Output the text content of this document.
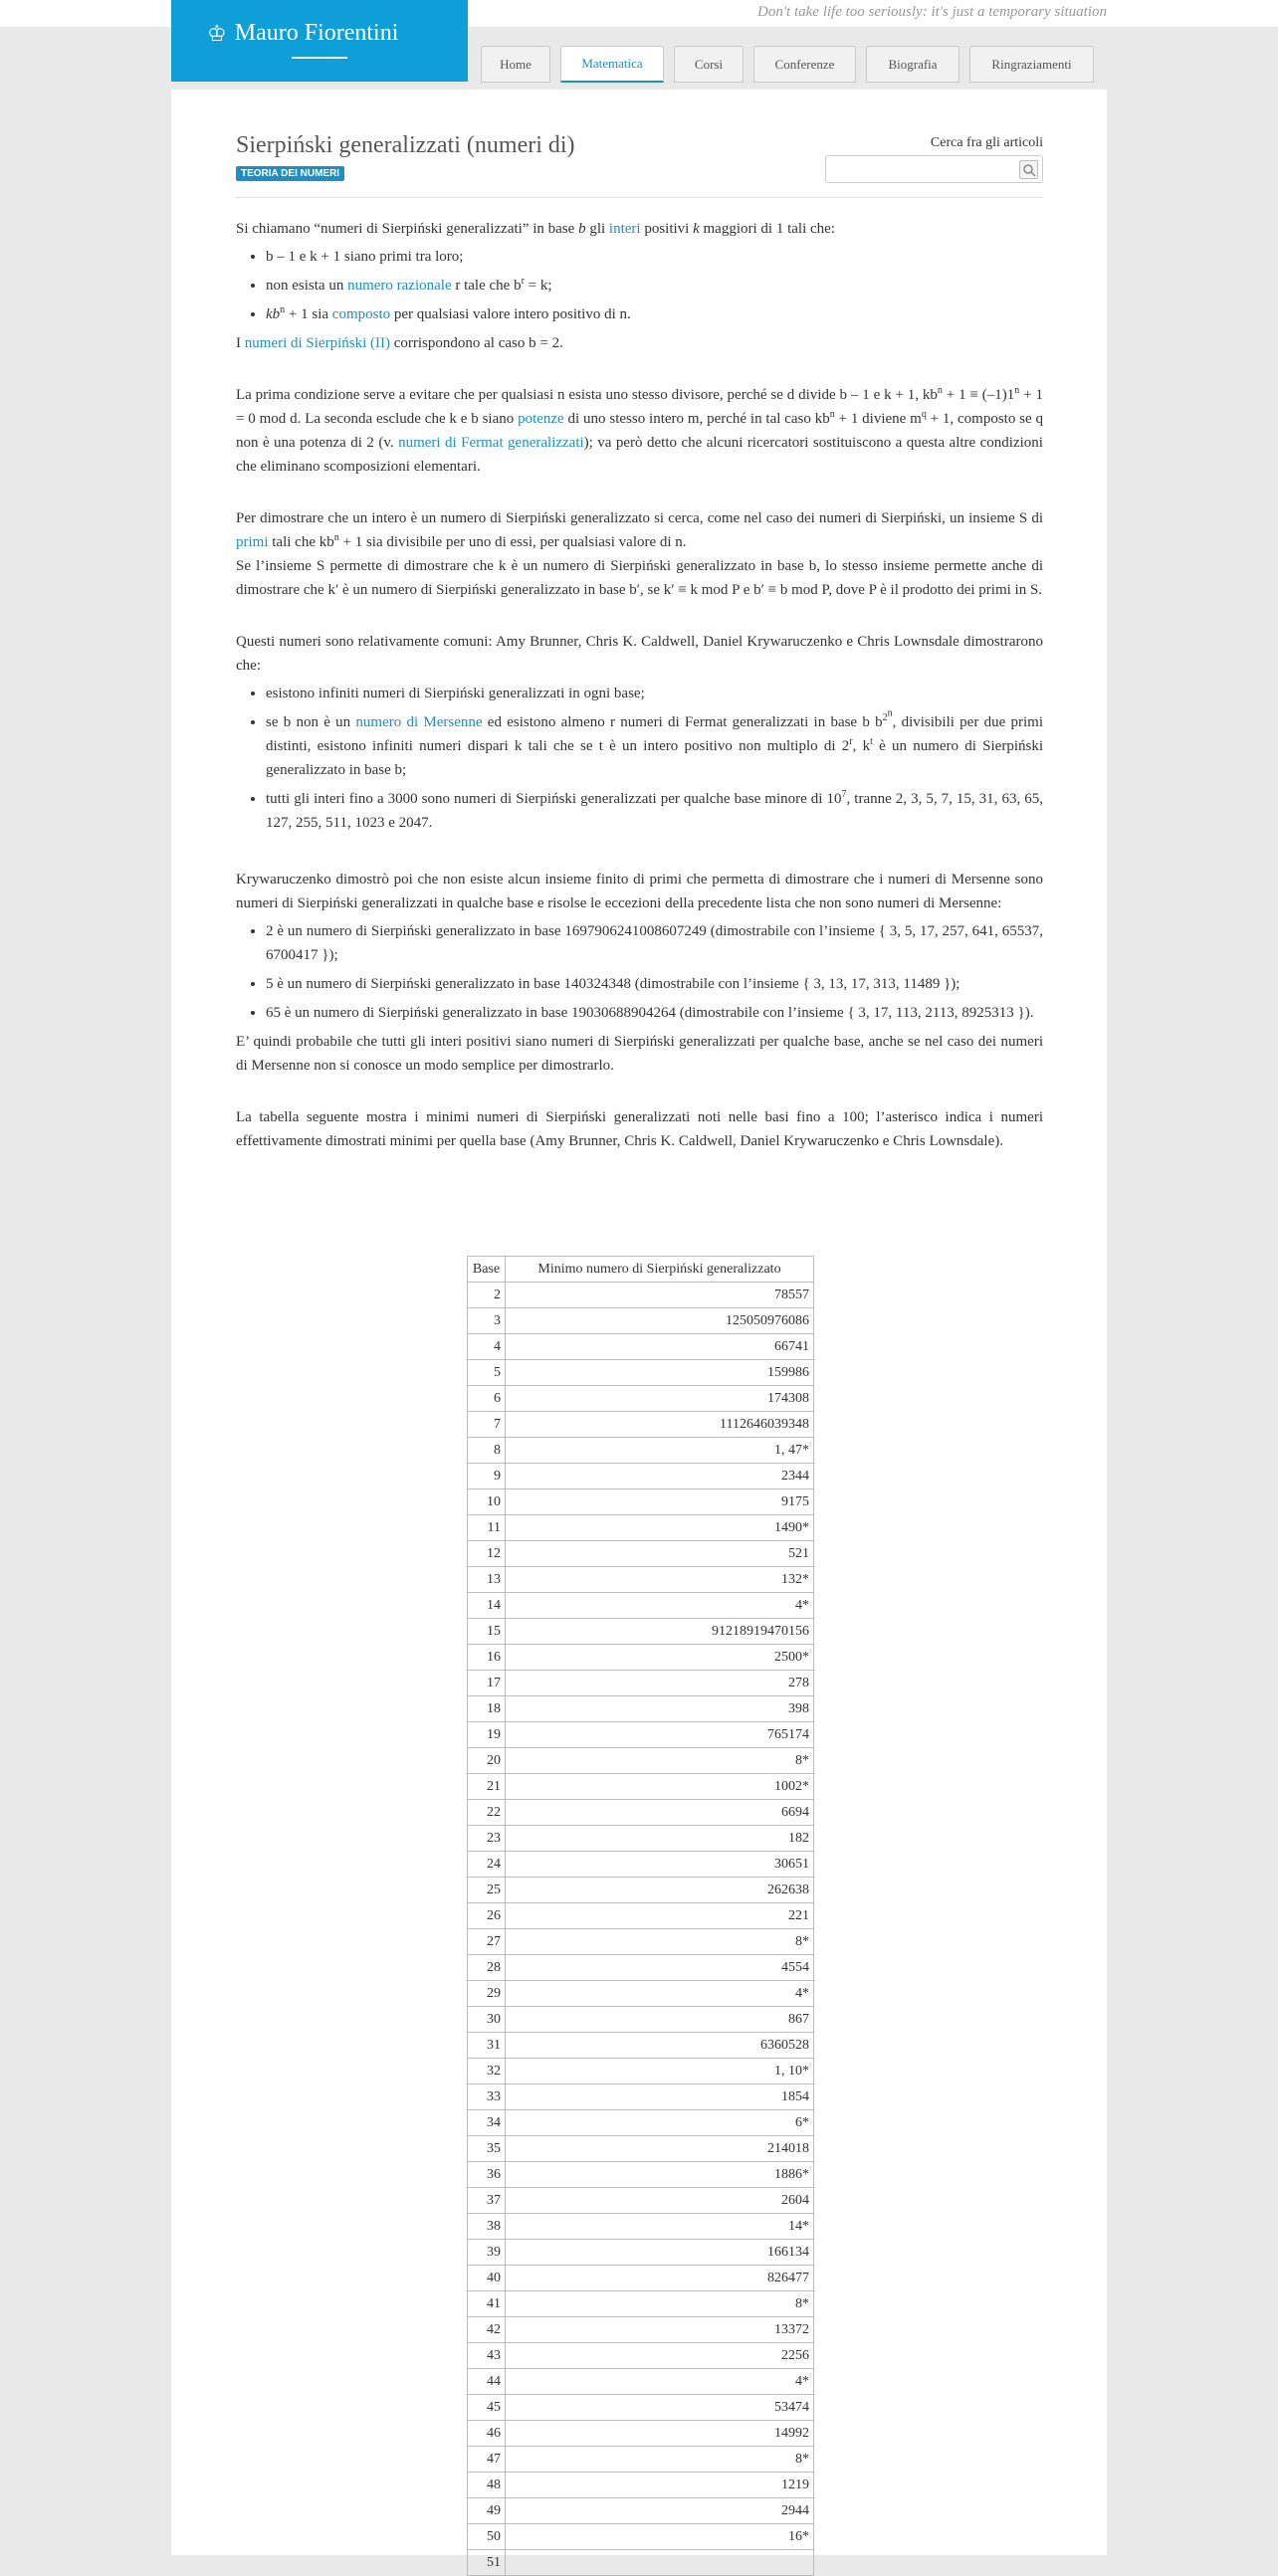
Don't take life too seriously: it's just a temporary situation
♔ Mauro Fiorentini
Home	Matematica	Corsi	Conferenze	Biografia	Ringraziamenti
Sierpiński generalizzati (numeri di)
TEORIA DEI NUMERI
Cerca fra gli articoli

Si chiamano “numeri di Sierpiński generalizzati” in base b gli interi positivi k maggiori di 1 tali che:

• b – 1 e k + 1 siano primi tra loro;
• non esista un numero razionale r tale che $b^r = k$;
• $kb^n + 1$ sia composto per qualsiasi valore intero positivo di n.

I numeri di Sierpiński (II) corrispondono al caso b = 2.

La prima condizione serve a evitare che per qualsiasi n esista uno stesso divisore, perché se d divide b – 1 e k + 1, $kb^n + 1 \equiv (-1)1^n + 1 = 0$ mod d. La seconda esclude che k e b siano potenze di uno stesso intero m, perché in tal caso $kb^n + 1$ diviene $m^q + 1$, composto se q non è una potenza di 2 (v. numeri di Fermat generalizzati); va però detto che alcuni ricercatori sostituiscono a questa altre condizioni che eliminano scomposizioni elementari.

Per dimostrare che un intero è un numero di Sierpiński generalizzato si cerca, come nel caso dei numeri di Sierpiński, un insieme S di primi tali che $kb^n + 1$ sia divisibile per uno di essi, per qualsiasi valore di n.

Se l’insieme S permette di dimostrare che k è un numero di Sierpiński generalizzato in base b, lo stesso insieme permette anche di dimostrare che k′ è un numero di Sierpiński generalizzato in base b′, se k′ ≡ k mod P e b′ ≡ b mod P, dove P è il prodotto dei primi in S.

Questi numeri sono relativamente comuni: Amy Brunner, Chris K. Caldwell, Daniel Krywaruczenko e Chris Lownsdale dimostrarono che:

• esistono infiniti numeri di Sierpiński generalizzati in ogni base;
• se b non è un numero di Mersenne ed esistono almeno r numeri di Fermat generalizzati in base b $b^{2^n}$, divisibili per due primi distinti, esistono infiniti numeri dispari k tali che se t è un intero positivo non multiplo di 2$^r$, $k^t$ è un numero di Sierpiński generalizzato in base b;
• tutti gli interi fino a 3000 sono numeri di Sierpiński generalizzati per qualche base minore di $10^7$, tranne 2, 3, 5, 7, 15, 31, 63, 65, 127, 255, 511, 1023 e 2047.

Krywaruczenko dimostrò poi che non esiste alcun insieme finito di primi che permetta di dimostrare che i numeri di Mersenne sono numeri di Sierpiński generalizzati in qualche base e risolse le eccezioni della precedente lista che non sono numeri di Mersenne:

• 2 è un numero di Sierpiński generalizzato in base 1697906241008607249 (dimostrabile con l’insieme { 3, 5, 17, 257, 641, 65537, 6700417 });
• 5 è un numero di Sierpiński generalizzato in base 140324348 (dimostrabile con l’insieme { 3, 13, 17, 313, 11489 });
• 65 è un numero di Sierpiński generalizzato in base 19030688904264 (dimostrabile con l’insieme { 3, 17, 113, 2113, 8925313 }).

E’ quindi probabile che tutti gli interi positivi siano numeri di Sierpiński generalizzati per qualche base, anche se nel caso dei numeri di Mersenne non si conosce un modo semplice per dimostrarlo.

La tabella seguente mostra i minimi numeri di Sierpiński generalizzati noti nelle basi fino a 100; l’asterisco indica i numeri effettivamente dimostrati minimi per quella base (Amy Brunner, Chris K. Caldwell, Daniel Krywaruczenko e Chris Lownsdale).

Base	Minimo numero di Sierpiński generalizzato
2	78557
3	125050976086
4	66741
5	159986
6	174308
7	1112646039348
8	1, 47*
9	2344
10	9175
11	1490*
12	521
13	132*
14	4*
15	91218919470156
16	2500*
17	278
18	398
19	765174
20	8*
21	1002*
22	6694
23	182
24	30651
25	262638
26	221
27	8*
28	4554
29	4*
30	867
31	6360528
32	1, 10*
33	1854
34	6*
35	214018
36	1886*
37	2604
38	14*
39	166134
40	826477
41	8*
42	13372
43	2256
44	4*
45	53474
46	14992
47	8*
48	1219
49	2944
50	16*
51	
